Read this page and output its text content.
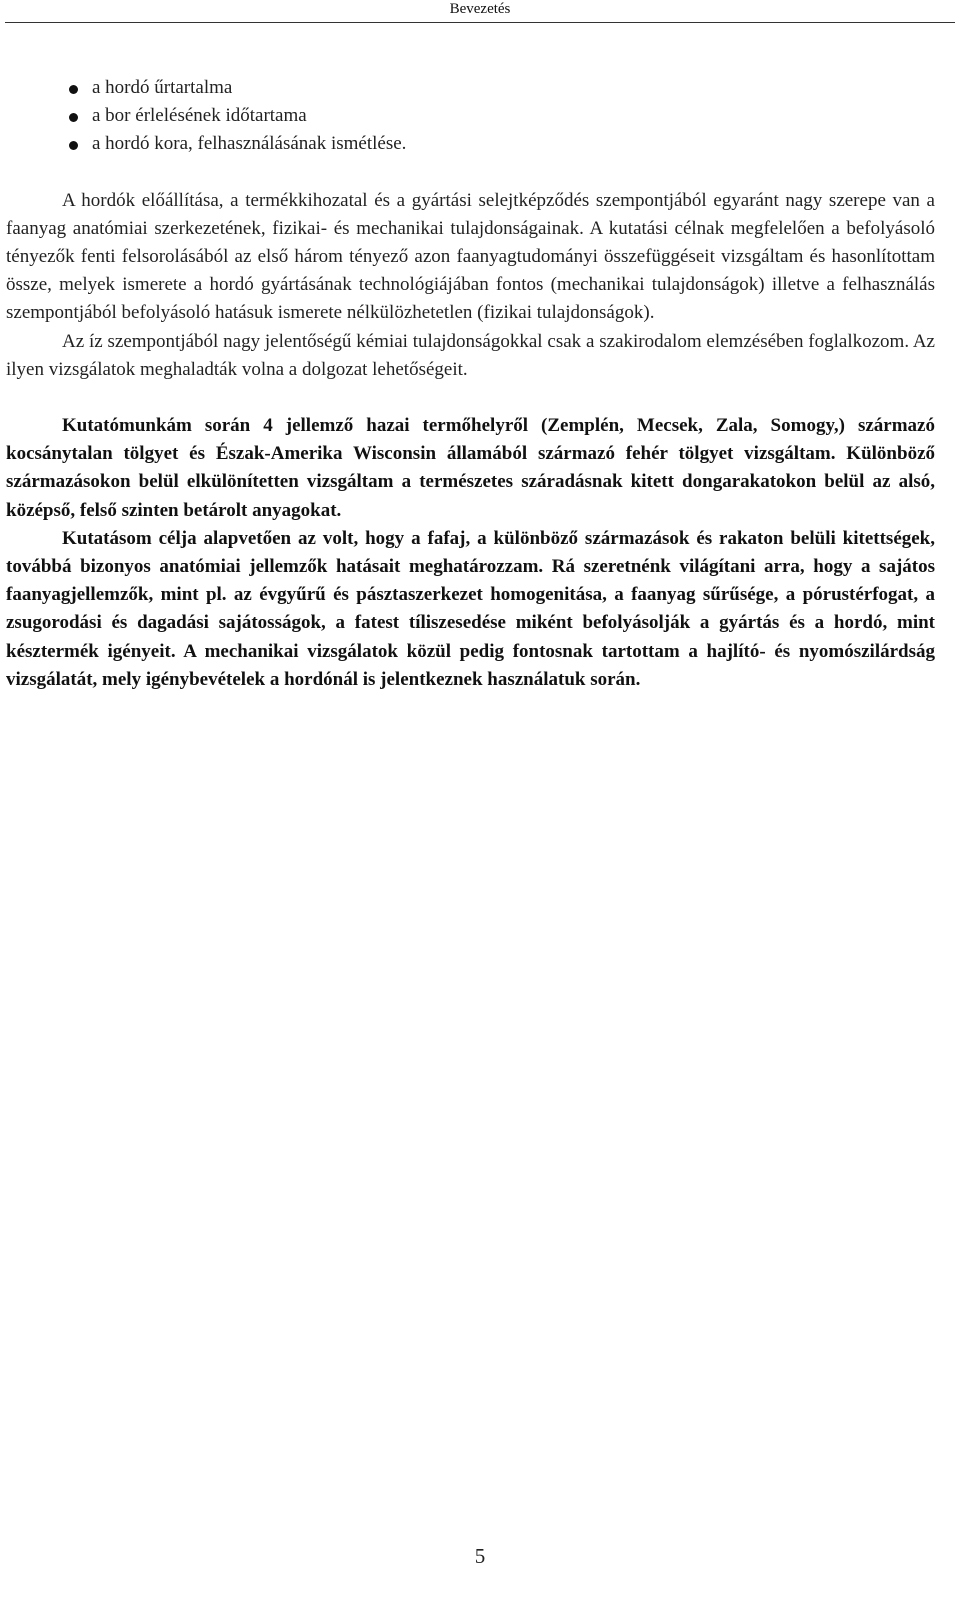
Bevezetés
a hordó űrtartalma
a bor érlelésének időtartama
a hordó kora, felhasználásának ismétlése.

A hordók előállítása, a termékkihozatal és a gyártási selejtképződés szempontjából egyaránt nagy szerepe van a faanyag anatómiai szerkezetének, fizikai- és mechanikai tulajdonságainak. A kutatási célnak megfelelően a befolyásoló tényezők fenti felsorolásából az első három tényező azon faanyagtudományi összefüggéseit vizsgáltam és hasonlítottam össze, melyek ismerete a hordó gyártásának technológiájában fontos (mechanikai tulajdonságok) illetve a felhasználás szempontjából befolyásoló hatásuk ismerete nélkülözhetetlen (fizikai tulajdonságok).

Az íz szempontjából nagy jelentőségű kémiai tulajdonságokkal csak a szakirodalom elemzésében foglalkozom. Az ilyen vizsgálatok meghaladták volna a dolgozat lehetőségeit.

Kutatómunkám során 4 jellemző hazai termőhelyről (Zemplén, Mecsek, Zala, Somogy,) származó kocsánytalan tölgyet és Észak-Amerika Wisconsin államából származó fehér tölgyet vizsgáltam. Különböző származásokon belül elkülönítetten vizsgáltam a természetes száradásnak kitett dongarakatokon belül az alsó, középső, felső szinten betárolt anyagokat.

Kutatásom célja alapvetően az volt, hogy a fafaj, a különböző származások és rakaton belüli kitettségek, továbbá bizonyos anatómiai jellemzők hatásait meghatározzam. Rá szeretnénk világítani arra, hogy a sajátos faanyagjellemzők, mint pl. az évgyűrű és pásztaszerkezet homogenitása, a faanyag sűrűsége, a pórustérfogat, a zsugorodási és dagadási sajátosságok, a fatest tíliszesedése miként befolyásolják a gyártás és a hordó, mint késztermék igényeit. A mechanikai vizsgálatok közül pedig fontosnak tartottam a hajlító- és nyomószilárdság vizsgálatát, mely igénybevételek a hordónál is jelentkeznek használatuk során.

5
